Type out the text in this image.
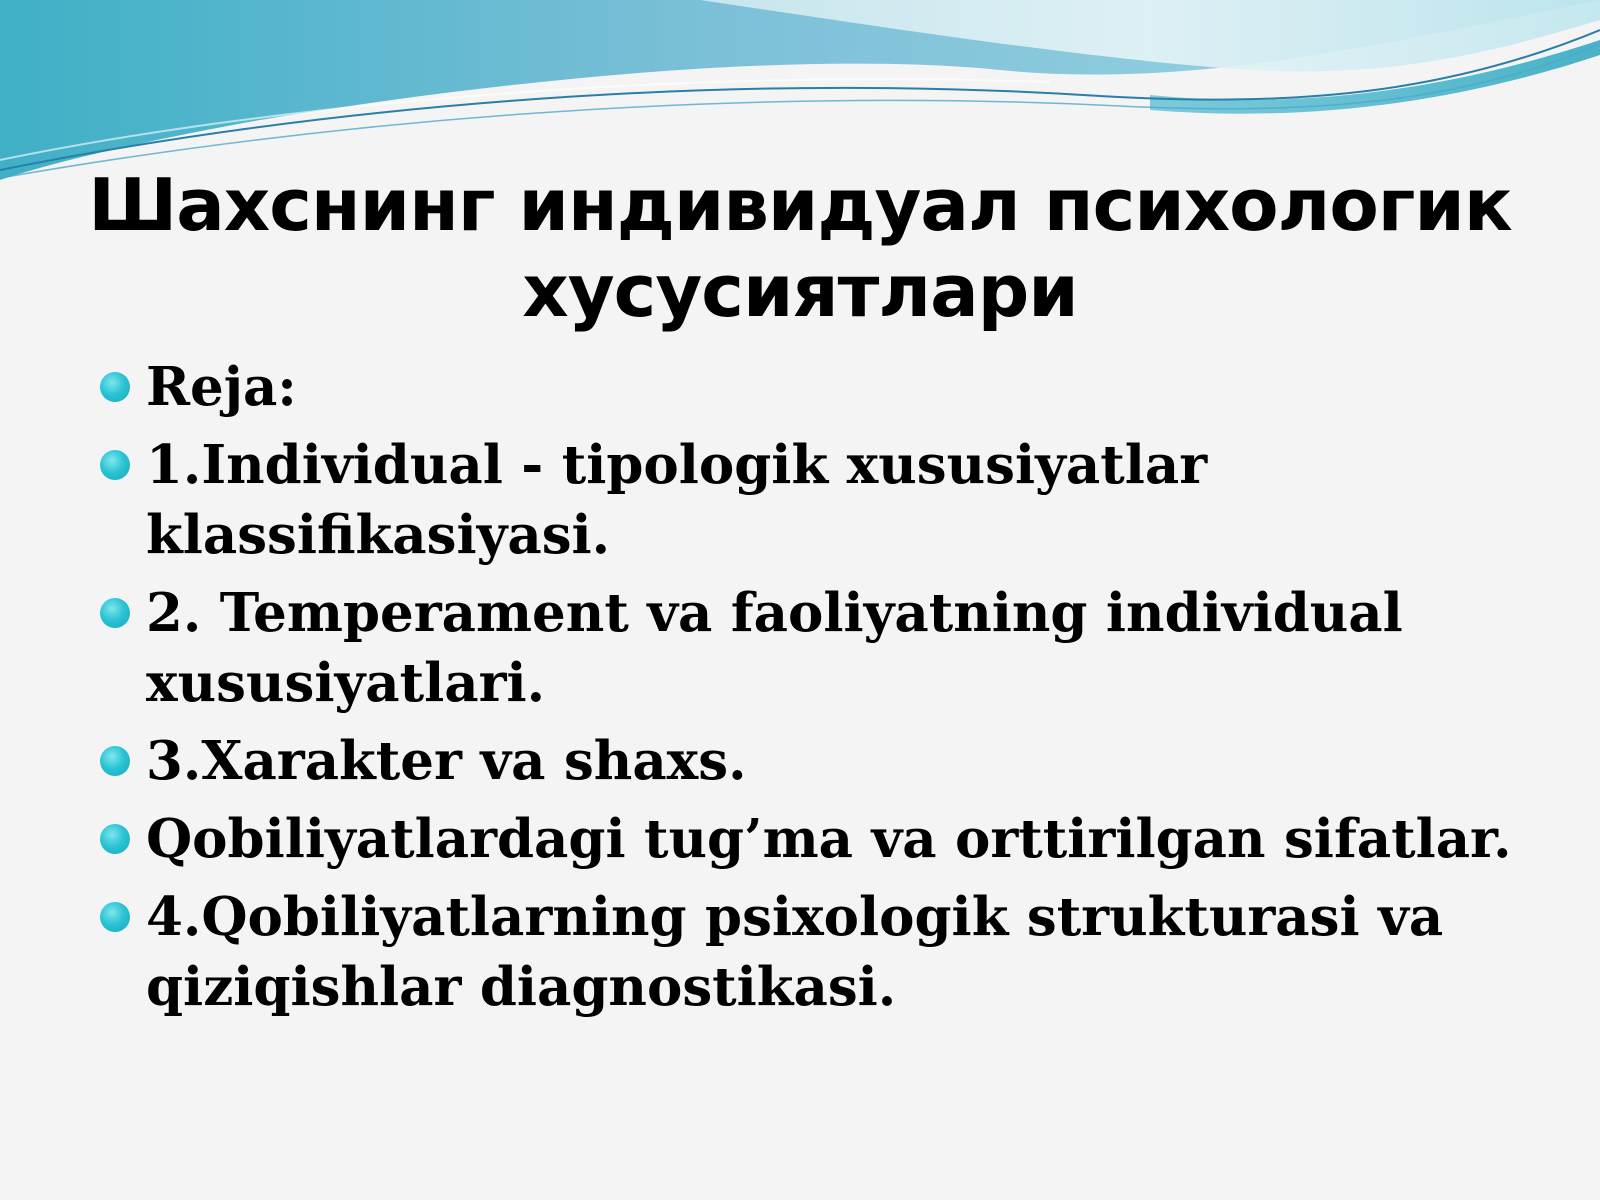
Шахснинг индивидуал психологик хусусиятлари
Reja:
1.Individual - tipologik xususiyatlar klassifikasiyasi.
2. Temperament va faoliyatning individual xususiyatlari.
3.Xarakter va shaxs.
Qobiliyatlardagi tug’ma va orttirilgan sifatlar.
4.Qobiliyatlarning psixologik strukturasi va qiziqishlar diagnostikasi.
